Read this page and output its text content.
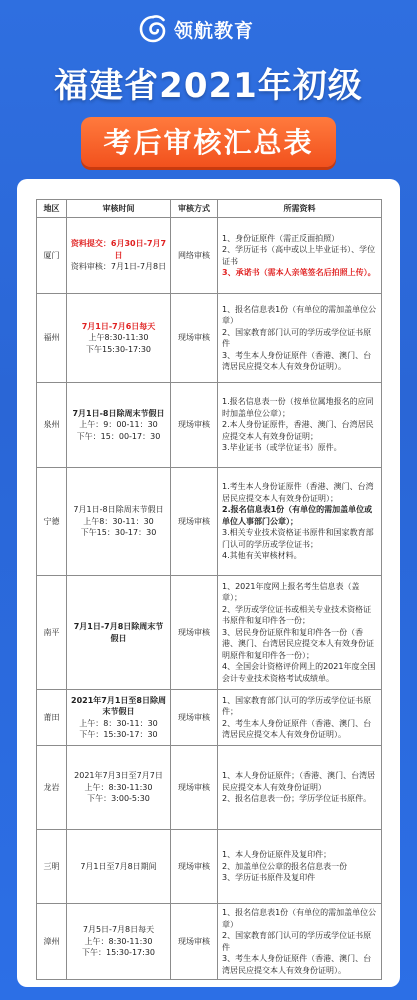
领航教育
福建省2021年初级
考后审核汇总表
地区	审核时间	审核方式	所需资料
厦门	资料提交：6月30日-7月7日
资料审核：7月1日-7月8日	网络审核	1、身份证原件（需正反面拍照）
2、学历证书（高中或以上毕业证书）、学位证书
3、承诺书（需本人亲笔签名后拍照上传）。

福州	7月1日-7月6日每天
上午8:30-11:30
下午15:30-17:30	现场审核	1、报名信息表1份（有单位的需加盖单位公章）
2、国家教育部门认可的学历或学位证书原件
3、考生本人身份证原件（香港、澳门、台湾居民应提交本人有效身份证明）。

泉州	7月1日-8日除周末节假日
上午：9：00-11：30
下午：15：00-17：30	现场审核	1.报名信息表一份（按单位属地报名的应同时加盖单位公章）；
2.本人身份证原件，香港、澳门、台湾居民应提交本人有效身份证明；
3.毕业证书（或学位证书）原件。

宁德	7月1日-8日除周末节假日
上午8：30-11：30
下午15：30-17：30	现场审核	1.考生本人身份证原件（香港、澳门、台湾居民应提交本人有效身份证明）；
2.报名信息表1份（有单位的需加盖单位或单位人事部门公章）；
3.相关专业技术资格证书原件和国家教育部门认可的学历或学位证书；
4.其他有关审核材料。

南平	7月1日-7月8日除周末节假日	现场审核	1、2021年度网上报名考生信息表（盖章）；
2、学历或学位证书或相关专业技术资格证书原件和复印件各一份；
3、居民身份证原件和复印件各一份（香港、澳门、台湾居民应提交本人有效身份证明原件和复印件各一份）；
4、全国会计资格评价网上的2021年度全国会计专业技术资格考试成绩单。

莆田	2021年7月1日至8日除周末节假日
上午：8：30-11：30
下午：15:30-17：30	现场审核	1、国家教育部门认可的学历或学位证书原件；
2、考生本人身份证原件（香港、澳门、台湾居民应提交本人有效身份证明）。

龙岩	2021年7月3日至7月7日
上午：8:30-11:30
下午：3:00-5:30	现场审核	1、本人身份证原件；（香港、澳门、台湾居民应提交本人有效身份证明）
2、报名信息表一份；学历学位证书原件。

三明	7月1日至7月8日期间	现场审核	1、本人身份证原件及复印件；
2、加盖单位公章的报名信息表一份
3、学历证书原件及复印件

漳州	7月5日-7月8日每天
上午：8:30-11:30
下午：15:30-17:30	现场审核	1、报名信息表1份（有单位的需加盖单位公章）
2、国家教育部门认可的学历或学位证书原件
3、考生本人身份证原件（香港、澳门、台湾居民应提交本人有效身份证明）。
